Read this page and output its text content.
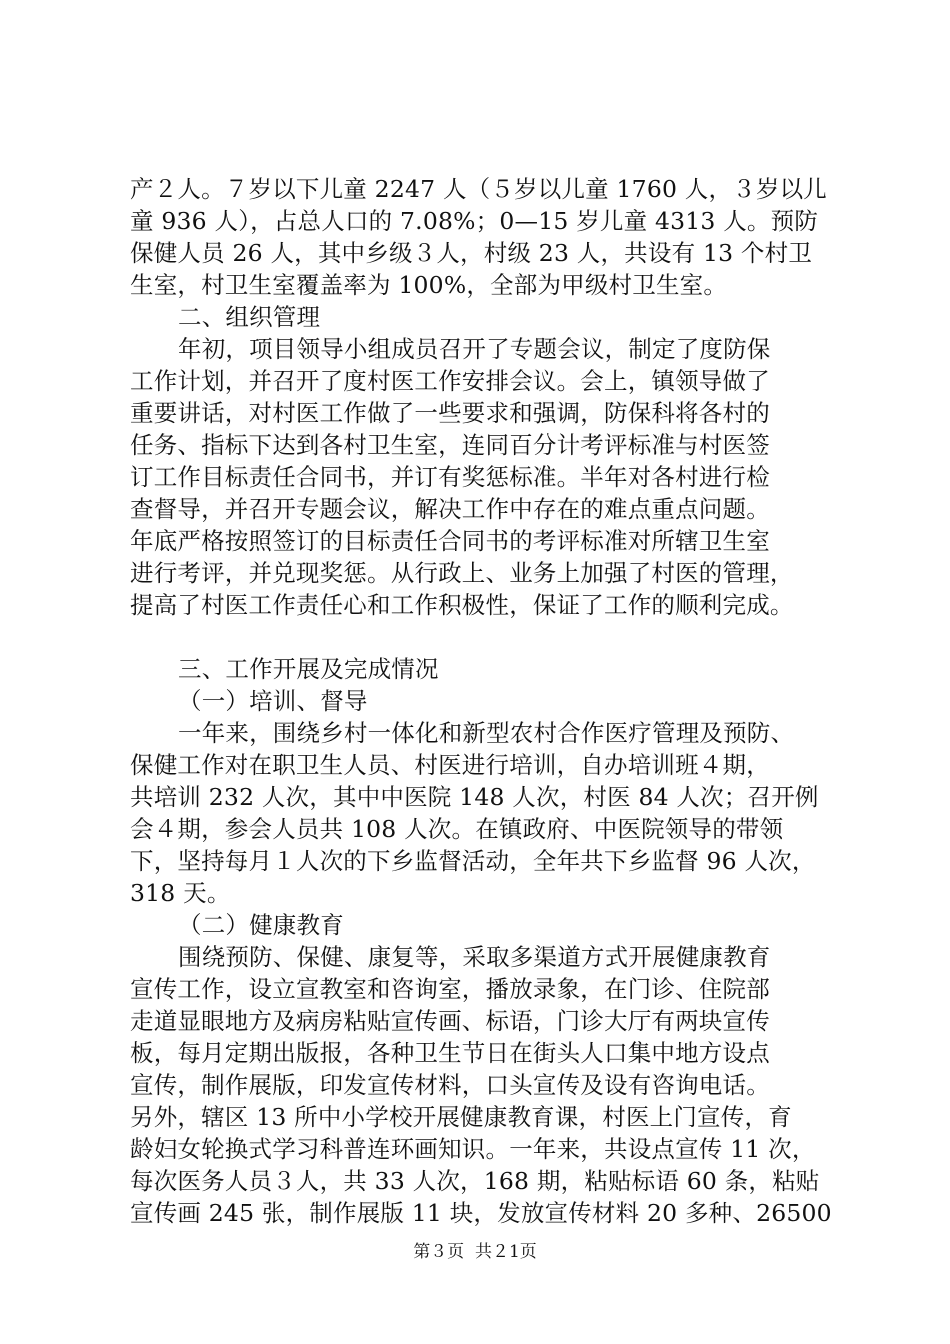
产２人。７岁以下儿童 2247 人（５岁以儿童 1760 人，３岁以儿
童 936 人），占总人口的 7.08%；0—15 岁儿童 4313 人。预防
保健人员 26 人，其中乡级３人，村级 23 人，共设有 13 个村卫
生室，村卫生室覆盖率为 100%，全部为甲级村卫生室。
二、组织管理
年初，项目领导小组成员召开了专题会议，制定了度防保
工作计划，并召开了度村医工作安排会议。会上，镇领导做了
重要讲话，对村医工作做了一些要求和强调，防保科将各村的
任务、指标下达到各村卫生室，连同百分计考评标准与村医签
订工作目标责任合同书，并订有奖惩标准。半年对各村进行检
查督导，并召开专题会议，解决工作中存在的难点重点问题。
年底严格按照签订的目标责任合同书的考评标准对所辖卫生室
进行考评，并兑现奖惩。从行政上、业务上加强了村医的管理，
提高了村医工作责任心和工作积极性，保证了工作的顺利完成。
三、工作开展及完成情况
（一）培训、督导
一年来，围绕乡村一体化和新型农村合作医疗管理及预防、
保健工作对在职卫生人员、村医进行培训，自办培训班４期，
共培训 232 人次，其中中医院 148 人次，村医 84 人次；召开例
会４期，参会人员共 108 人次。在镇政府、中医院领导的带领
下，坚持每月１人次的下乡监督活动，全年共下乡监督 96 人次，
318 天。
（二）健康教育
围绕预防、保健、康复等，采取多渠道方式开展健康教育
宣传工作，设立宣教室和咨询室，播放录象，在门诊、住院部
走道显眼地方及病房粘贴宣传画、标语，门诊大厅有两块宣传
板，每月定期出版报，各种卫生节日在街头人口集中地方设点
宣传，制作展版，印发宣传材料，口头宣传及设有咨询电话。
另外，辖区 13 所中小学校开展健康教育课，村医上门宣传，育
龄妇女轮换式学习科普连环画知识。一年来，共设点宣传 11 次，
每次医务人员３人，共 33 人次，168 期，粘贴标语 60 条，粘贴
宣传画 245 张，制作展版 11 块，发放宣传材料 20 多种、26500
第３页  共２1页
